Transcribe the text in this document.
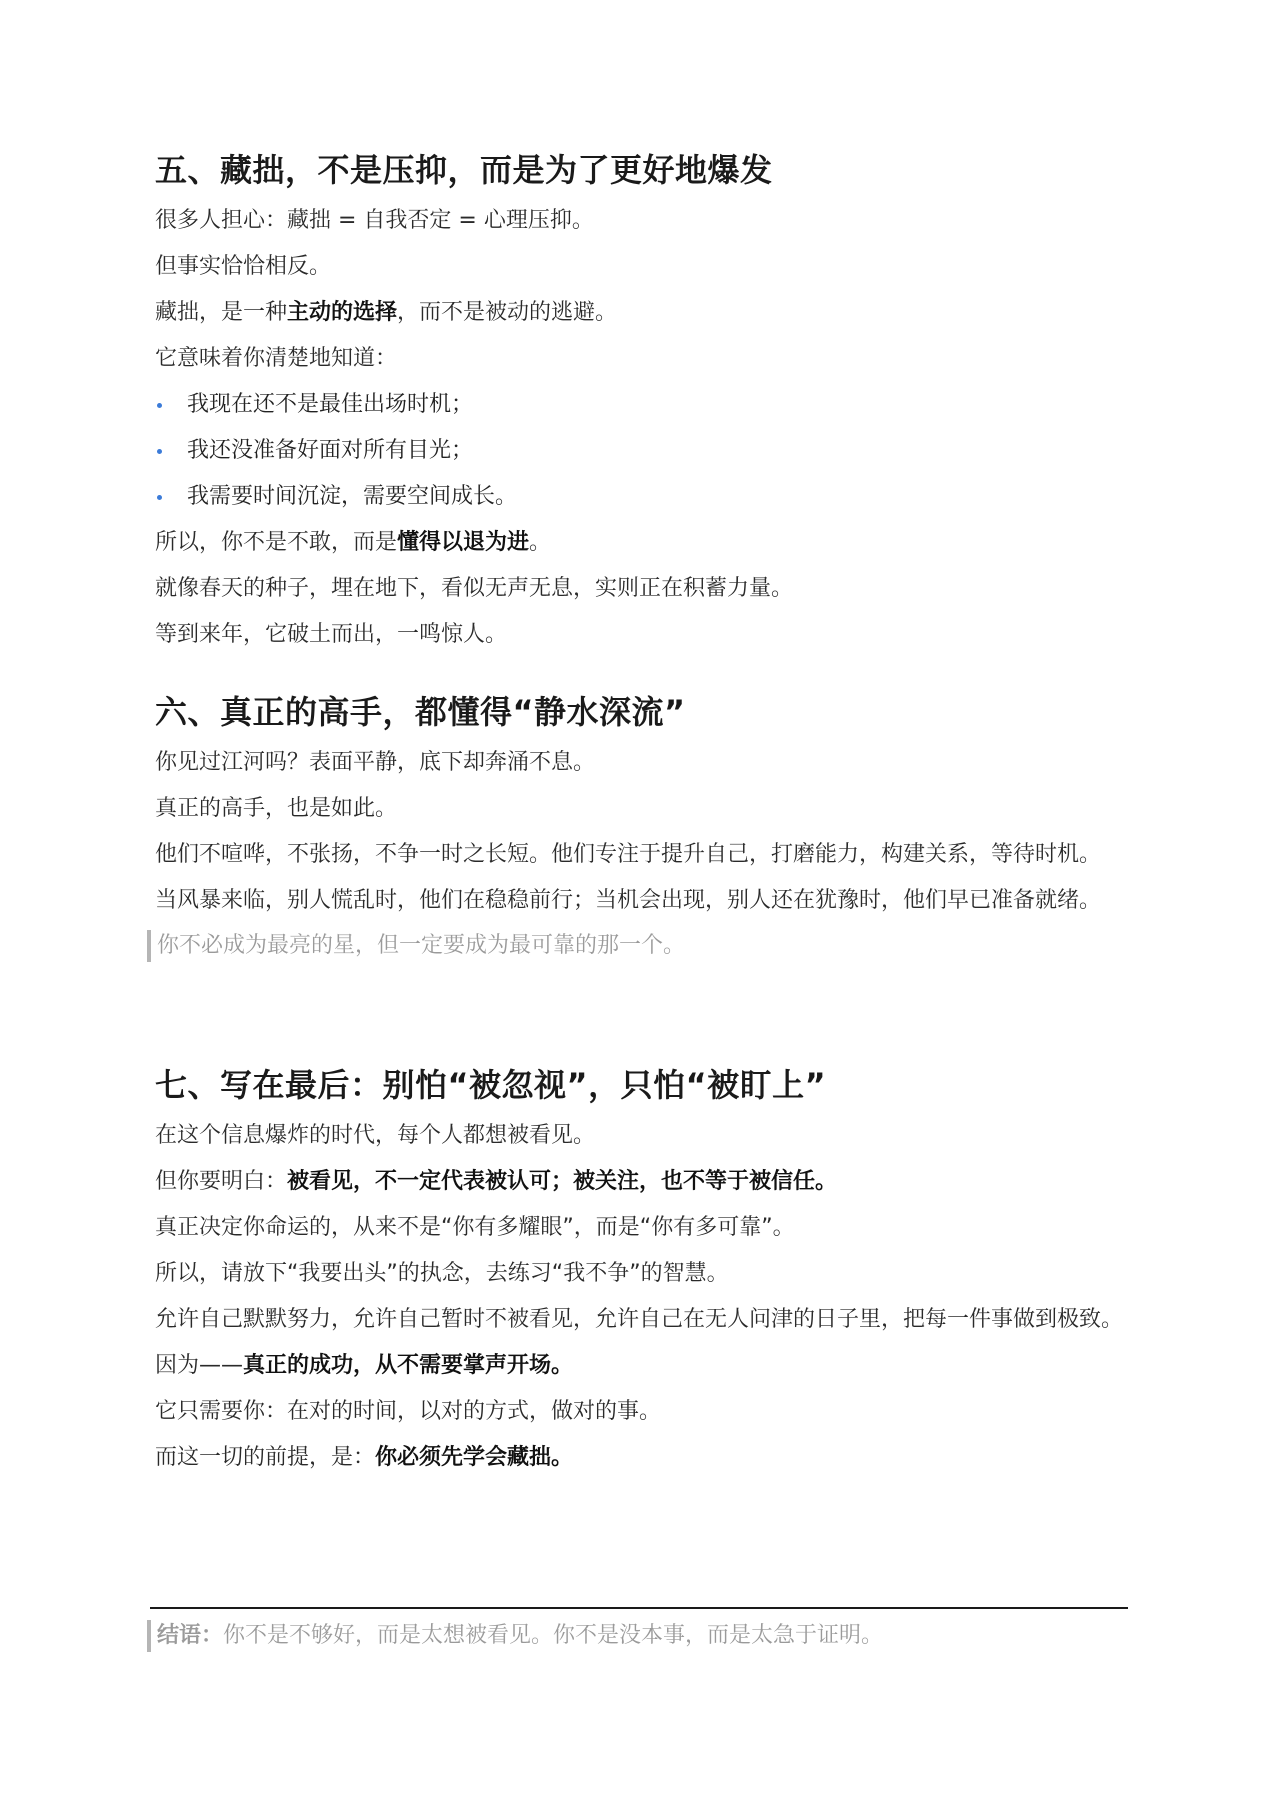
五、藏拙，不是压抑，而是为了更好地爆发

很多人担心：藏拙 = 自我否定 = 心理压抑。

但事实恰恰相反。

藏拙，是一种主动的选择，而不是被动的逃避。

它意味着你清楚地知道：

我现在还不是最佳出场时机；
我还没准备好面对所有目光；
我需要时间沉淀，需要空间成长。

所以，你不是不敢，而是懂得以退为进。

就像春天的种子，埋在地下，看似无声无息，实则正在积蓄力量。

等到来年，它破土而出，一鸣惊人。

六、真正的高手，都懂得“静水深流”

你见过江河吗？表面平静，底下却奔涌不息。

真正的高手，也是如此。

他们不喧哗，不张扬，不争一时之长短。他们专注于提升自己，打磨能力，构建关系，等待时机。

当风暴来临，别人慌乱时，他们在稳稳前行；当机会出现，别人还在犹豫时，他们早已准备就绪。

你不必成为最亮的星，但一定要成为最可靠的那一个。

七、写在最后：别怕“被忽视”，只怕“被盯上”

在这个信息爆炸的时代，每个人都想被看见。

但你要明白：被看见，不一定代表被认可；被关注，也不等于被信任。

真正决定你命运的，从来不是“你有多耀眼”，而是“你有多可靠”。

所以，请放下“我要出头”的执念，去练习“我不争”的智慧。

允许自己默默努力，允许自己暂时不被看见，允许自己在无人问津的日子里，把每一件事做到极致。

因为——真正的成功，从不需要掌声开场。

它只需要你：在对的时间，以对的方式，做对的事。

而这一切的前提，是：你必须先学会藏拙。

结语：你不是不够好，而是太想被看见。你不是没本事，而是太急于证明。
